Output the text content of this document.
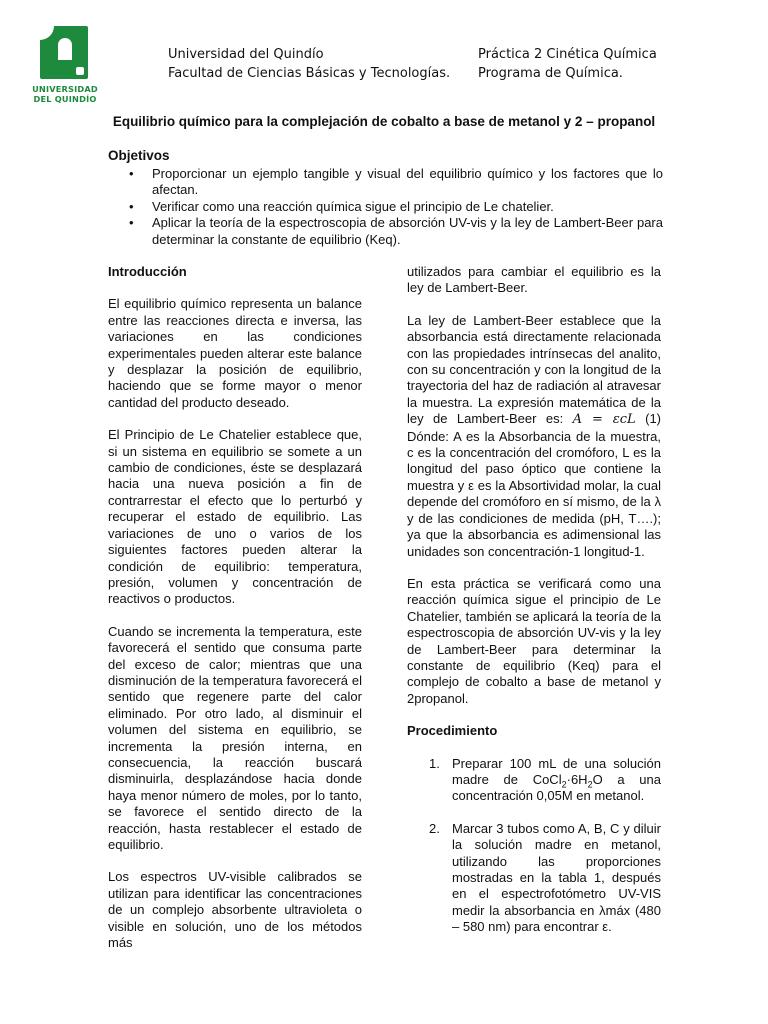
UNIVERSIDAD
DEL QUINDÍO
Universidad del Quindío
Facultad de Ciencias Básicas y Tecnologías.
Práctica 2 Cinética Química
Programa de Química.
Equilibrio químico para la complejación de cobalto a base de metanol y 2 – propanol
Objetivos
• Proporcionar un ejemplo tangible y visual del equilibrio químico y los factores que lo afectan.
• Verificar como una reacción química sigue el principio de Le chatelier.
• Aplicar la teoría de la espectroscopia de absorción UV-vis y la ley de Lambert-Beer para determinar la constante de equilibrio (Keq).
Introducción

El equilibrio químico representa un balance entre las reacciones directa e inversa, las variaciones en las condiciones experimentales pueden alterar este balance y desplazar la posición de equilibrio, haciendo que se forme mayor o menor cantidad del producto deseado.

El Principio de Le Chatelier establece que, si un sistema en equilibrio se somete a un cambio de condiciones, éste se desplazará hacia una nueva posición a fin de contrarrestar el efecto que lo perturbó y recuperar el estado de equilibrio. Las variaciones de uno o varios de los siguientes factores pueden alterar la condición de equilibrio: temperatura, presión, volumen y concentración de reactivos o productos.

Cuando se incrementa la temperatura, este favorecerá el sentido que consuma parte del exceso de calor; mientras que una disminución de la temperatura favorecerá el sentido que regenere parte del calor eliminado. Por otro lado, al disminuir el volumen del sistema en equilibrio, se incrementa la presión interna, en consecuencia, la reacción buscará disminuirla, desplazándose hacia donde haya menor número de moles, por lo tanto, se favorece el sentido directo de la reacción, hasta restablecer el estado de equilibrio.

Los espectros UV-visible calibrados se utilizan para identificar las concentraciones de un complejo absorbente ultravioleta o visible en solución, uno de los métodos más

utilizados para cambiar el equilibrio es la ley de Lambert-Beer.

La ley de Lambert-Beer establece que la absorbancia está directamente relacionada con las propiedades intrínsecas del analito, con su concentración y con la longitud de la trayectoria del haz de radiación al atravesar la muestra. La expresión matemática de la ley de Lambert-Beer es: A = εcL (1) Dónde: A es la Absorbancia de la muestra, c es la concentración del cromóforo, L es la longitud del paso óptico que contiene la muestra y ε es la Absortividad molar, la cual depende del cromóforo en sí mismo, de la λ y de las condiciones de medida (pH, T….); ya que la absorbancia es adimensional las unidades son concentración-1 longitud-1.

En esta práctica se verificará como una reacción química sigue el principio de Le Chatelier, también se aplicará la teoría de la espectroscopia de absorción UV-vis y la ley de Lambert-Beer para determinar la constante de equilibrio (Keq) para el complejo de cobalto a base de metanol y 2propanol.

Procedimiento
1. Preparar 100 mL de una solución madre de $CoCl_2\cdot 6H_2O$ a una concentración 0,05M en metanol.
2. Marcar 3 tubos como A, B, C y diluir la solución madre en metanol, utilizando las proporciones mostradas en la tabla 1, después en el espectrofotómetro UV-VIS medir la absorbancia en λmáx (480 – 580 nm) para encontrar ε.
